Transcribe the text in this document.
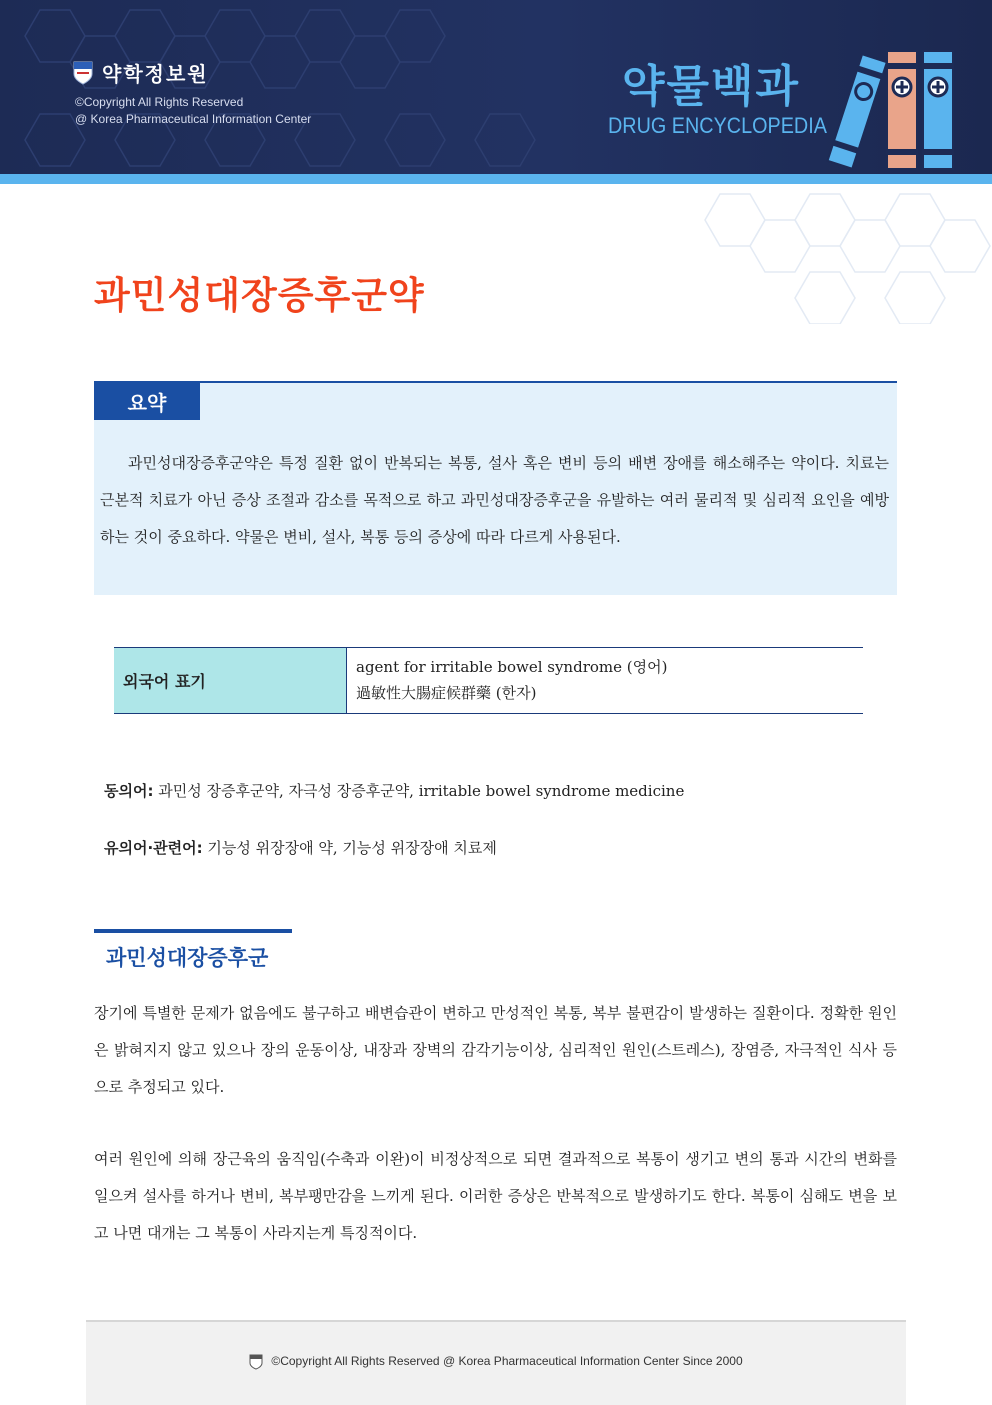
약학정보원
©Copyright All Rights Reserved
@ Korea Pharmaceutical Information Center
약물백과
DRUG ENCYCLOPEDIA
과민성대장증후군약
요약
과민성대장증후군약은 특정 질환 없이 반복되는 복통, 설사 혹은 변비 등의 배변 장애를 해소해주는 약이다. 치료는 근본적 치료가 아닌 증상 조절과 감소를 목적으로 하고 과민성대장증후군을 유발하는 여러 물리적 및 심리적 요인을 예방하는 것이 중요하다. 약물은 변비, 설사, 복통 등의 증상에 따라 다르게 사용된다.
외국어 표기
agent for irritable bowel syndrome (영어)
過敏性大腸症候群藥 (한자)
동의어: 과민성 장증후군약, 자극성 장증후군약, irritable bowel syndrome medicine
유의어·관련어: 기능성 위장장애 약, 기능성 위장장애 치료제
과민성대장증후군
장기에 특별한 문제가 없음에도 불구하고 배변습관이 변하고 만성적인 복통, 복부 불편감이 발생하는 질환이다. 정확한 원인은 밝혀지지 않고 있으나 장의 운동이상, 내장과 장벽의 감각기능이상, 심리적인 원인(스트레스), 장염증, 자극적인 식사 등으로 추정되고 있다.
여러 원인에 의해 장근육의 움직임(수축과 이완)이 비정상적으로 되면 결과적으로 복통이 생기고 변의 통과 시간의 변화를 일으켜 설사를 하거나 변비, 복부팽만감을 느끼게 된다. 이러한 증상은 반복적으로 발생하기도 한다. 복통이 심해도 변을 보고 나면 대개는 그 복통이 사라지는게 특징적이다.
©Copyright All Rights Reserved @ Korea Pharmaceutical Information Center Since 2000
